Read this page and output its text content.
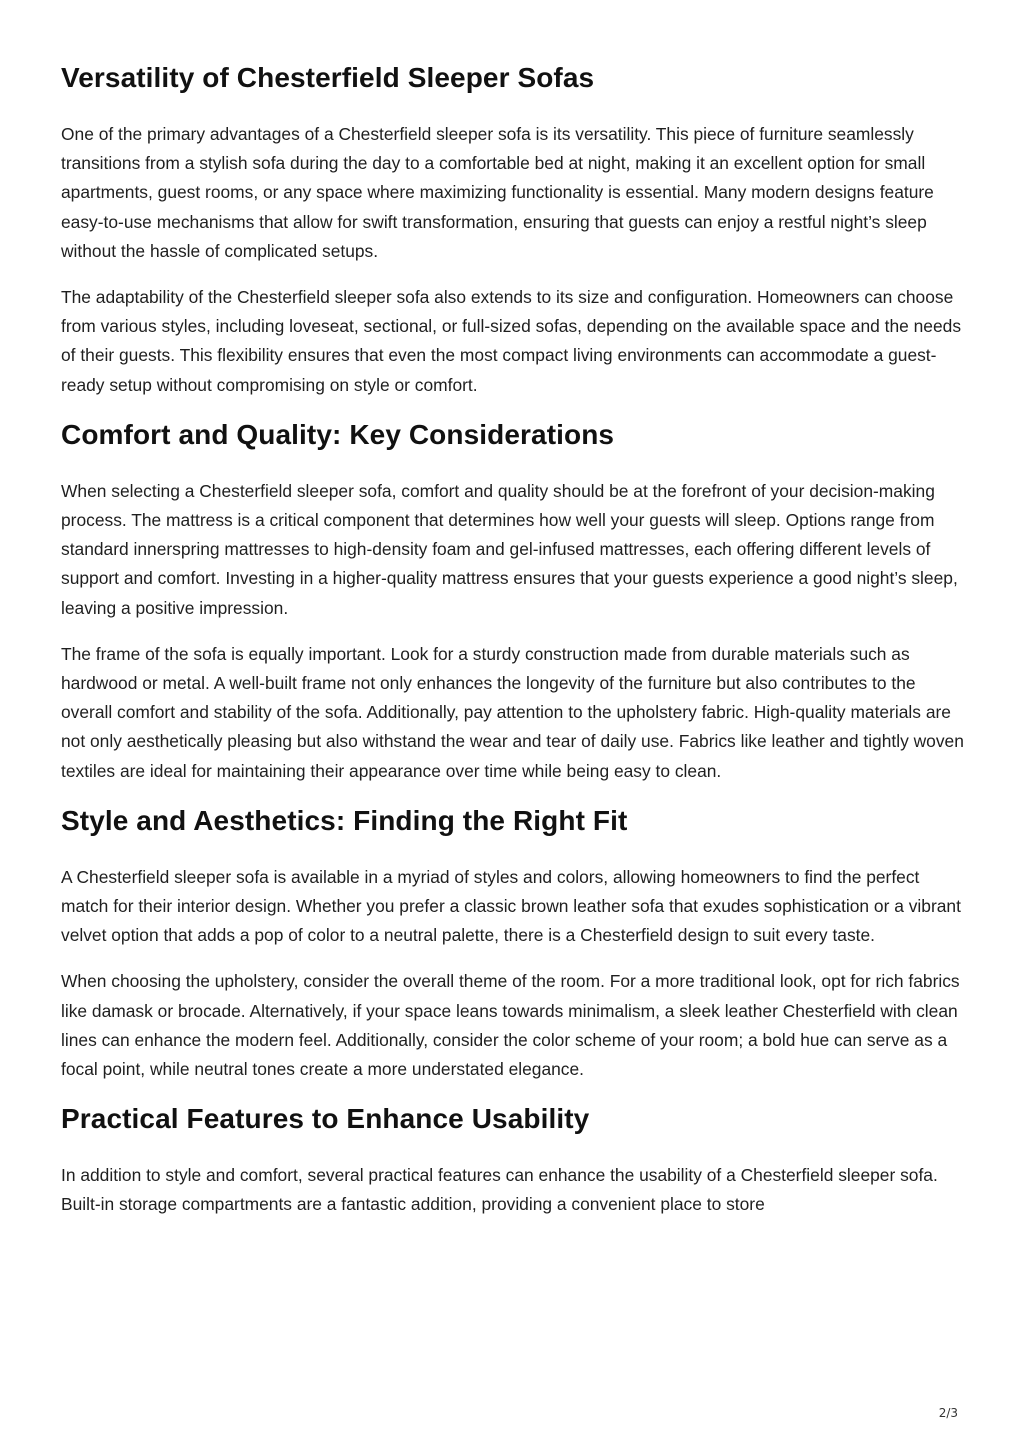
Versatility of Chesterfield Sleeper Sofas

One of the primary advantages of a Chesterfield sleeper sofa is its versatility. This piece of furniture seamlessly transitions from a stylish sofa during the day to a comfortable bed at night, making it an excellent option for small apartments, guest rooms, or any space where maximizing functionality is essential. Many modern designs feature easy-to-use mechanisms that allow for swift transformation, ensuring that guests can enjoy a restful night’s sleep without the hassle of complicated setups.

The adaptability of the Chesterfield sleeper sofa also extends to its size and configuration. Homeowners can choose from various styles, including loveseat, sectional, or full-sized sofas, depending on the available space and the needs of their guests. This flexibility ensures that even the most compact living environments can accommodate a guest-ready setup without compromising on style or comfort.

Comfort and Quality: Key Considerations

When selecting a Chesterfield sleeper sofa, comfort and quality should be at the forefront of your decision-making process. The mattress is a critical component that determines how well your guests will sleep. Options range from standard innerspring mattresses to high-density foam and gel-infused mattresses, each offering different levels of support and comfort. Investing in a higher-quality mattress ensures that your guests experience a good night’s sleep, leaving a positive impression.

The frame of the sofa is equally important. Look for a sturdy construction made from durable materials such as hardwood or metal. A well-built frame not only enhances the longevity of the furniture but also contributes to the overall comfort and stability of the sofa. Additionally, pay attention to the upholstery fabric. High-quality materials are not only aesthetically pleasing but also withstand the wear and tear of daily use. Fabrics like leather and tightly woven textiles are ideal for maintaining their appearance over time while being easy to clean.

Style and Aesthetics: Finding the Right Fit

A Chesterfield sleeper sofa is available in a myriad of styles and colors, allowing homeowners to find the perfect match for their interior design. Whether you prefer a classic brown leather sofa that exudes sophistication or a vibrant velvet option that adds a pop of color to a neutral palette, there is a Chesterfield design to suit every taste.

When choosing the upholstery, consider the overall theme of the room. For a more traditional look, opt for rich fabrics like damask or brocade. Alternatively, if your space leans towards minimalism, a sleek leather Chesterfield with clean lines can enhance the modern feel. Additionally, consider the color scheme of your room; a bold hue can serve as a focal point, while neutral tones create a more understated elegance.

Practical Features to Enhance Usability

In addition to style and comfort, several practical features can enhance the usability of a Chesterfield sleeper sofa. Built-in storage compartments are a fantastic addition, providing a convenient place to store

2/3
